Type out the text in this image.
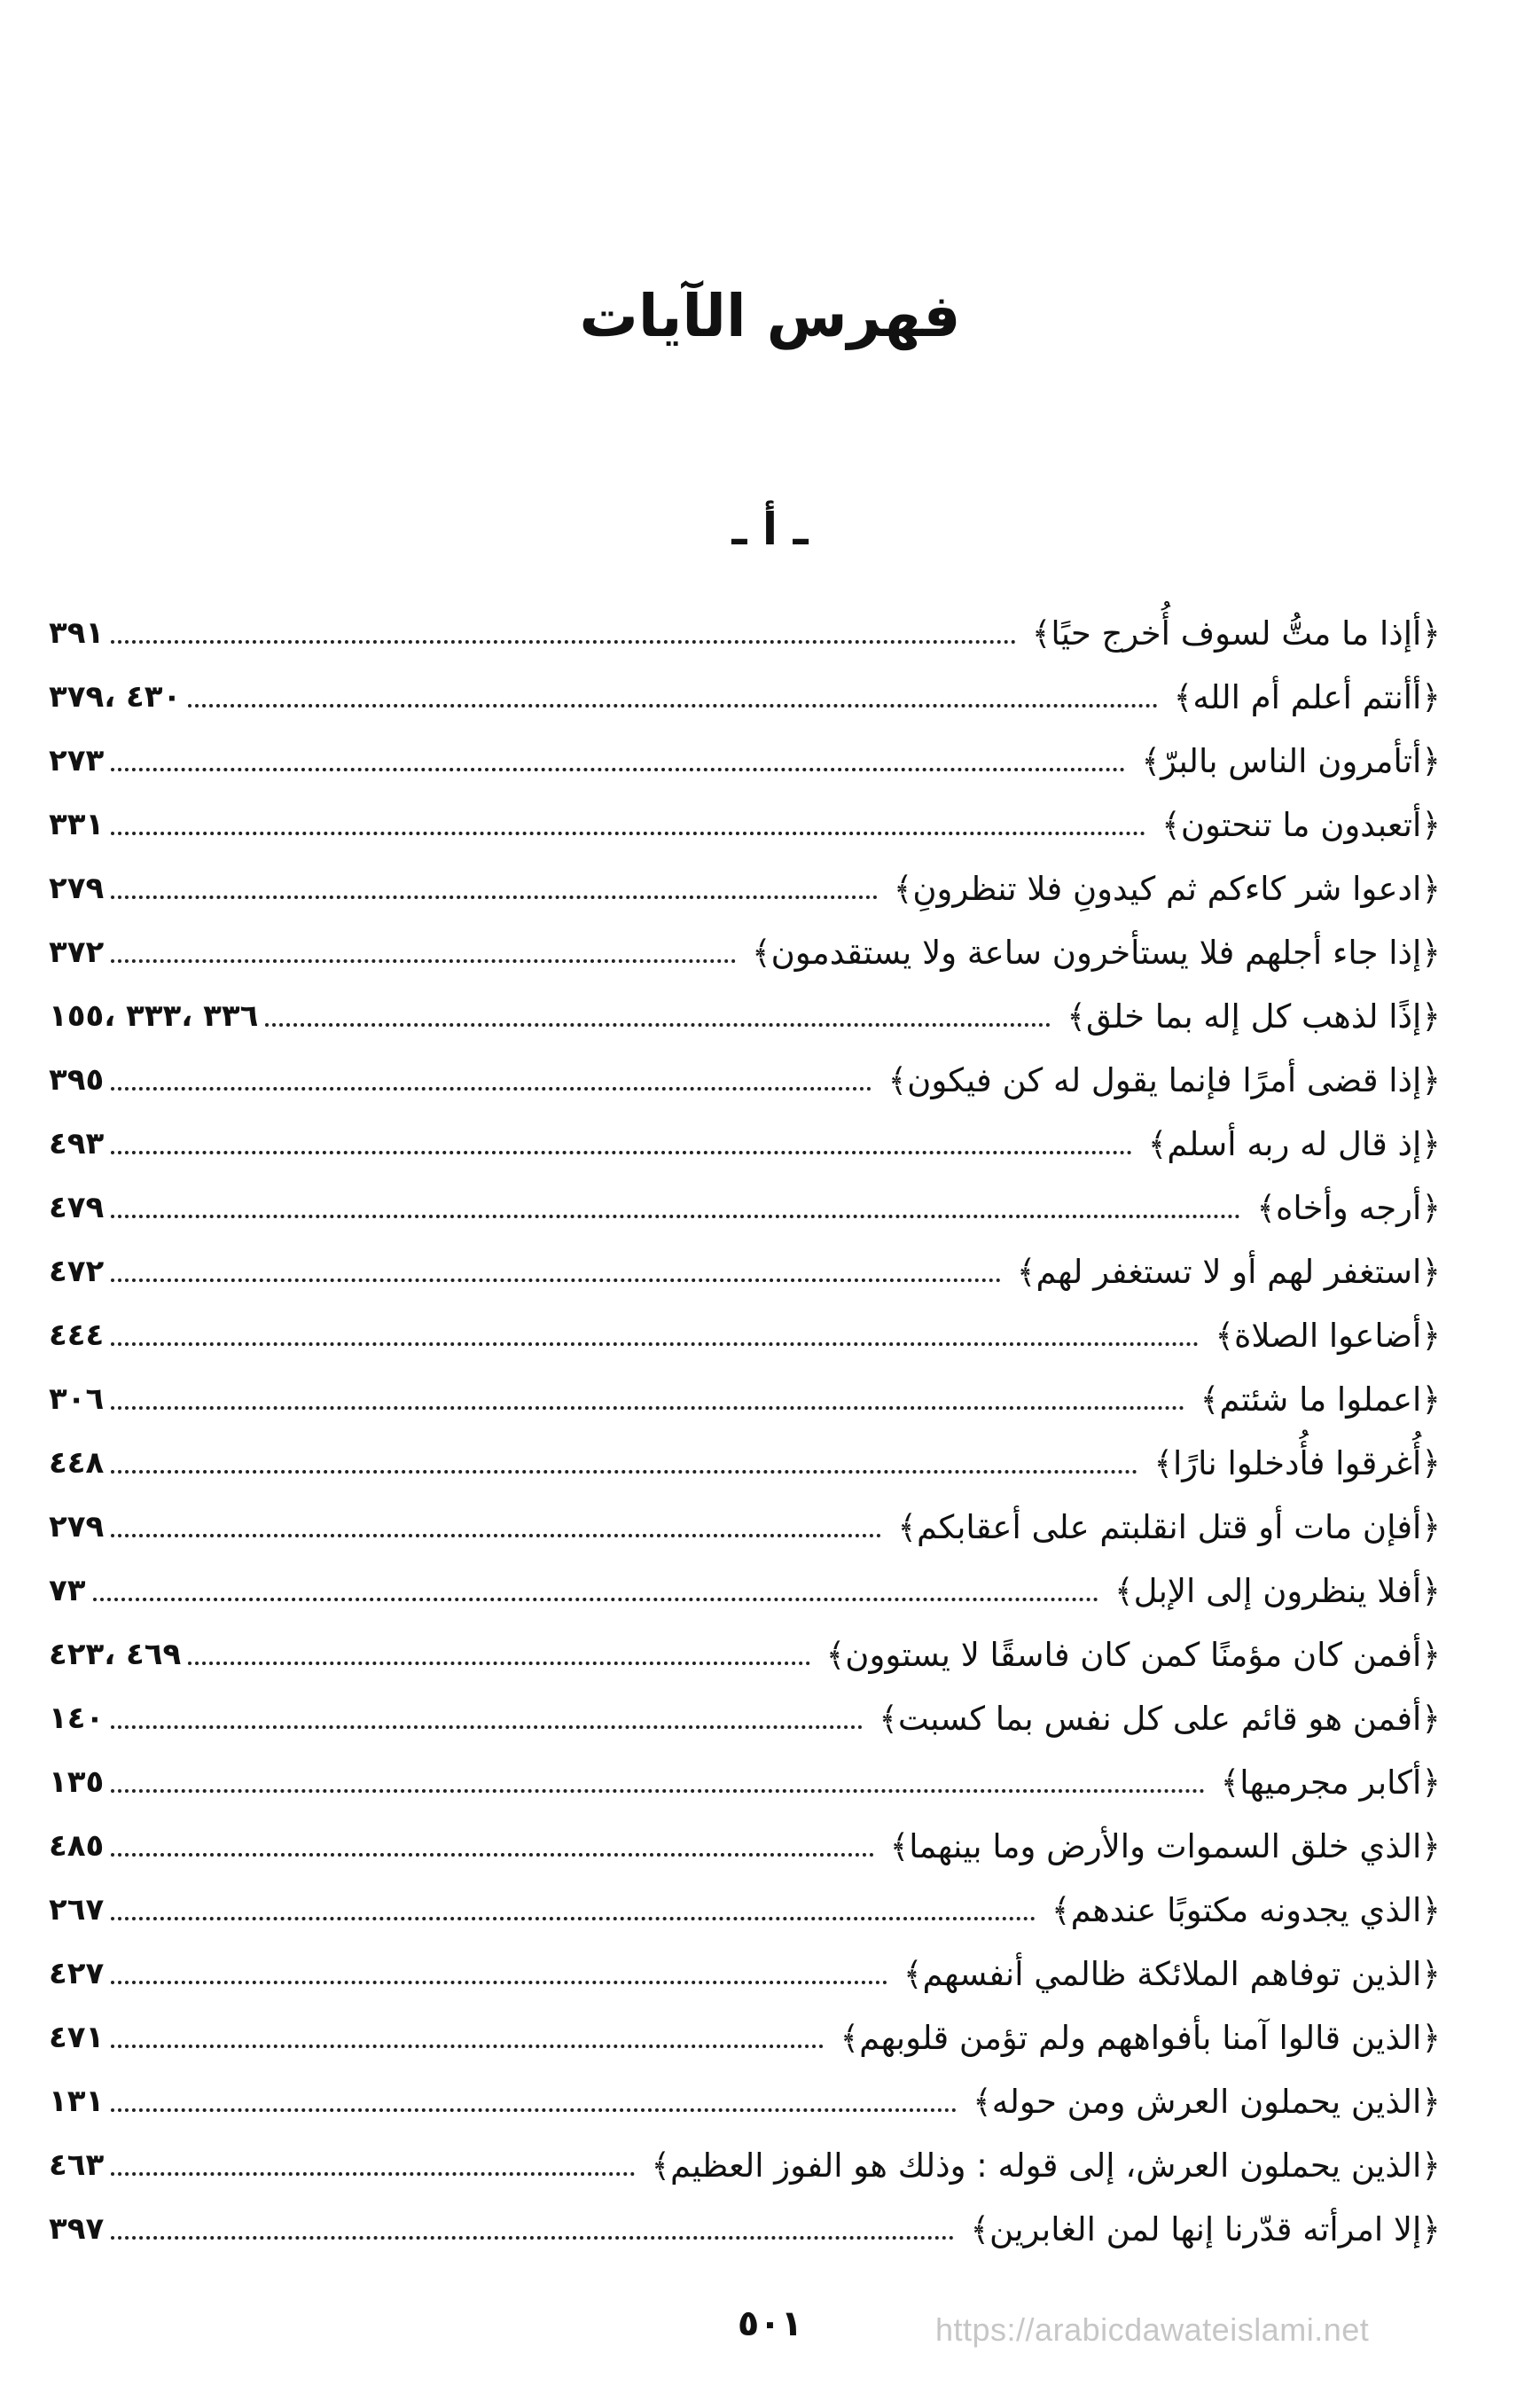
فهرس الآيات
ـ أ ـ
﴿أإذا ما متُّ لسوف أُخرج حيًا﴾
٣٩١
﴿أأنتم أعلم أم الله﴾
٤٣٠ ،٣٧٩
﴿أتأمرون الناس بالبرّ﴾
٢٧٣
﴿أتعبدون ما تنحتون﴾
٣٣١
﴿ادعوا شر كاءكم ثم كيدونِ فلا تنظرونِ﴾
٢٧٩
﴿إذا جاء أجلهم فلا يستأخرون ساعة ولا يستقدمون﴾
٣٧٢
﴿إذًا لذهب كل إله بما خلق﴾
٣٣٦ ،٣٣٣ ،١٥٥
﴿إذا قضى أمرًا فإنما يقول له كن فيكون﴾
٣٩٥
﴿إذ قال له ربه أسلم﴾
٤٩٣
﴿أرجه وأخاه﴾
٤٧٩
﴿استغفر لهم أو لا تستغفر لهم﴾
٤٧٢
﴿أضاعوا الصلاة﴾
٤٤٤
﴿اعملوا ما شئتم﴾
٣٠٦
﴿أُغرقوا فأُدخلوا نارًا﴾
٤٤٨
﴿أفإن مات أو قتل انقلبتم على أعقابكم﴾
٢٧٩
﴿أفلا ينظرون إلى الإبل﴾
٧٣
﴿أفمن كان مؤمنًا كمن كان فاسقًا لا يستوون﴾
٤٦٩ ،٤٢٣
﴿أفمن هو قائم على كل نفس بما كسبت﴾
١٤٠
﴿أكابر مجرميها﴾
١٣٥
﴿الذي خلق السموات والأرض وما بينهما﴾
٤٨٥
﴿الذي يجدونه مكتوبًا عندهم﴾
٢٦٧
﴿الذين توفاهم الملائكة ظالمي أنفسهم﴾
٤٢٧
﴿الذين قالوا آمنا بأفواههم ولم تؤمن قلوبهم﴾
٤٧١
﴿الذين يحملون العرش ومن حوله﴾
١٣١
﴿الذين يحملون العرش، إلى قوله : وذلك هو الفوز العظيم﴾
٤٦٣
﴿إلا امرأته قدّرنا إنها لمن الغابرين﴾
٣٩٧
٥٠١	https://arabicdawateislami.net
